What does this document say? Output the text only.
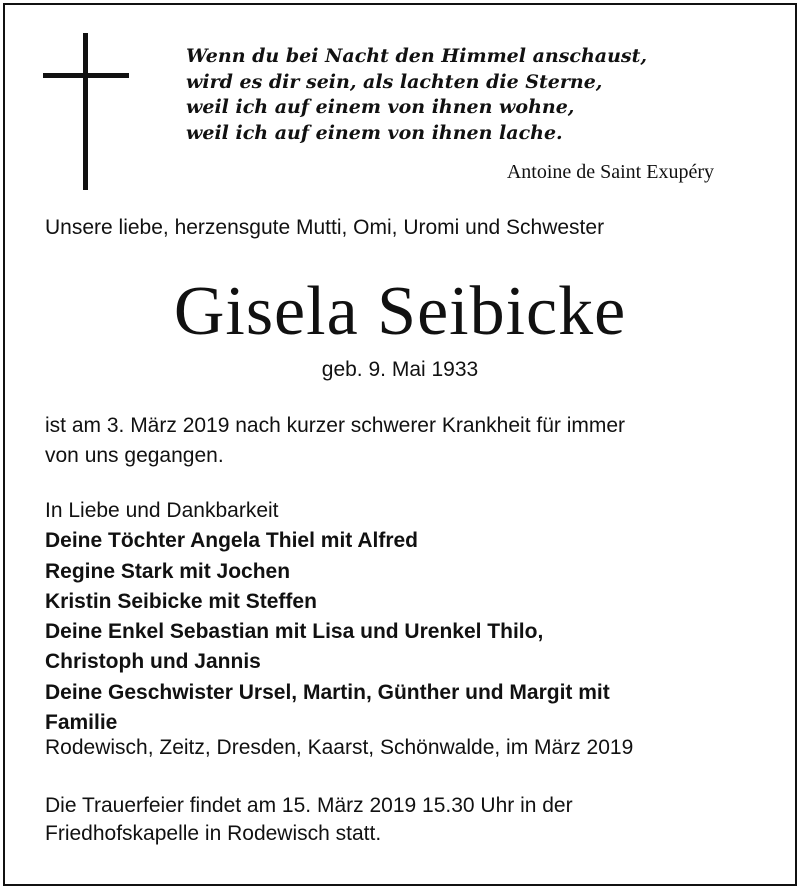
Wenn du bei Nacht den Himmel anschaust,
wird es dir sein, als lachten die Sterne,
weil ich auf einem von ihnen wohne,
weil ich auf einem von ihnen lache.
Antoine de Saint Exupéry
Unsere liebe, herzensgute Mutti, Omi, Uromi und Schwester
Gisela Seibicke
geb. 9. Mai 1933
ist am 3. März 2019 nach kurzer schwerer Krankheit für immer
von uns gegangen.
In Liebe und Dankbarkeit
Deine Töchter Angela Thiel mit Alfred
Regine Stark mit Jochen
Kristin Seibicke mit Steffen
Deine Enkel Sebastian mit Lisa und Urenkel Thilo,
Christoph und Jannis
Deine Geschwister Ursel, Martin, Günther und Margit mit
Familie
Rodewisch, Zeitz, Dresden, Kaarst, Schönwalde, im März 2019
Die Trauerfeier findet am 15. März 2019 15.30 Uhr in der
Friedhofskapelle in Rodewisch statt.
